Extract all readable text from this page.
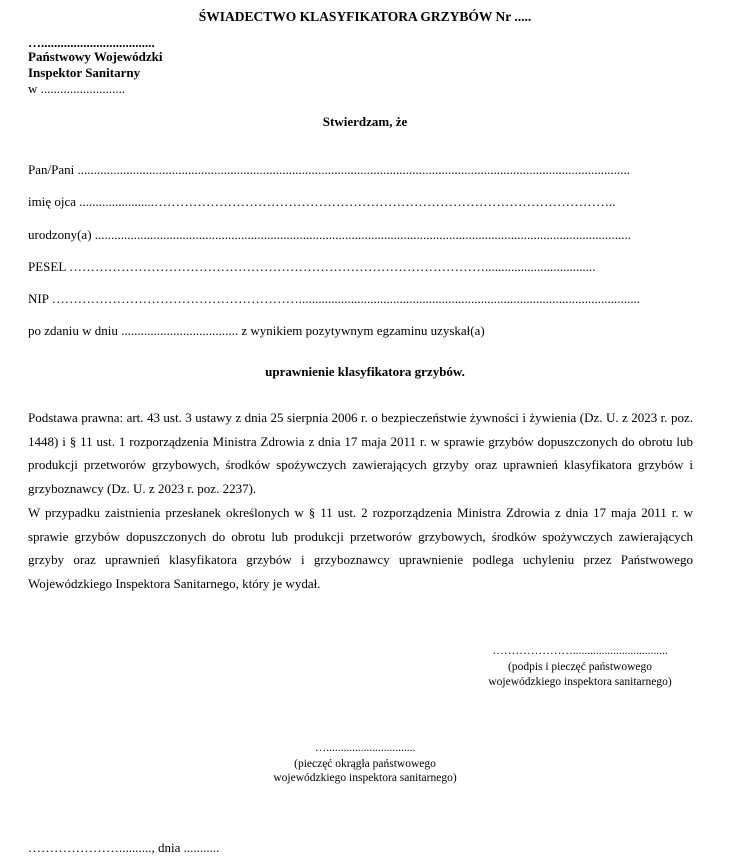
ŚWIADECTWO KLASYFIKATORA GRZYBÓW Nr .....
…...................................
Państwowy Wojewódzki
Inspektor Sanitarny
w ..........................
Stwierdzam, że
Pan/Pani ..........................................................................................................................................................................
imię ojca .......................……………………………………………………………………………………………..
urodzony(a) .....................................................................................................................................................................
PESEL ……………………………………………………………………………………..................................
NIP ………………………………………………….........................................................................................................
po zdaniu w dniu .................................... z wynikiem pozytywnym egzaminu uzyskał(a)
uprawnienie klasyfikatora grzybów.

Podstawa prawna: art. 43 ust. 3 ustawy z dnia 25 sierpnia 2006 r. o bezpieczeństwie żywności i żywienia (Dz. U. z 2023 r. poz. 1448) i § 11 ust. 1 rozporządzenia Ministra Zdrowia z dnia 17 maja 2011 r. w sprawie grzybów dopuszczonych do obrotu lub produkcji przetworów grzybowych, środków spożywczych zawierających grzyby oraz uprawnień klasyfikatora grzybów i grzyboznawcy (Dz. U. z 2023 r. poz. 2237).

W przypadku zaistnienia przesłanek określonych w § 11 ust. 2 rozporządzenia Ministra Zdrowia z dnia 17 maja 2011 r. w sprawie grzybów dopuszczonych do obrotu lub produkcji przetworów grzybowych, środków spożywczych zawierających grzyby oraz uprawnień klasyfikatora grzybów i grzyboznawcy uprawnienie podlega uchyleniu przez Państwowego Wojewódzkiego Inspektora Sanitarnego, który je wydał.

………………….................................
(podpis i pieczęć państwowego
wojewódzkiego inspektora sanitarnego)
…...............................
(pieczęć okrągła państwowego
wojewódzkiego inspektora sanitarnego)
………………….........., dnia ...........
